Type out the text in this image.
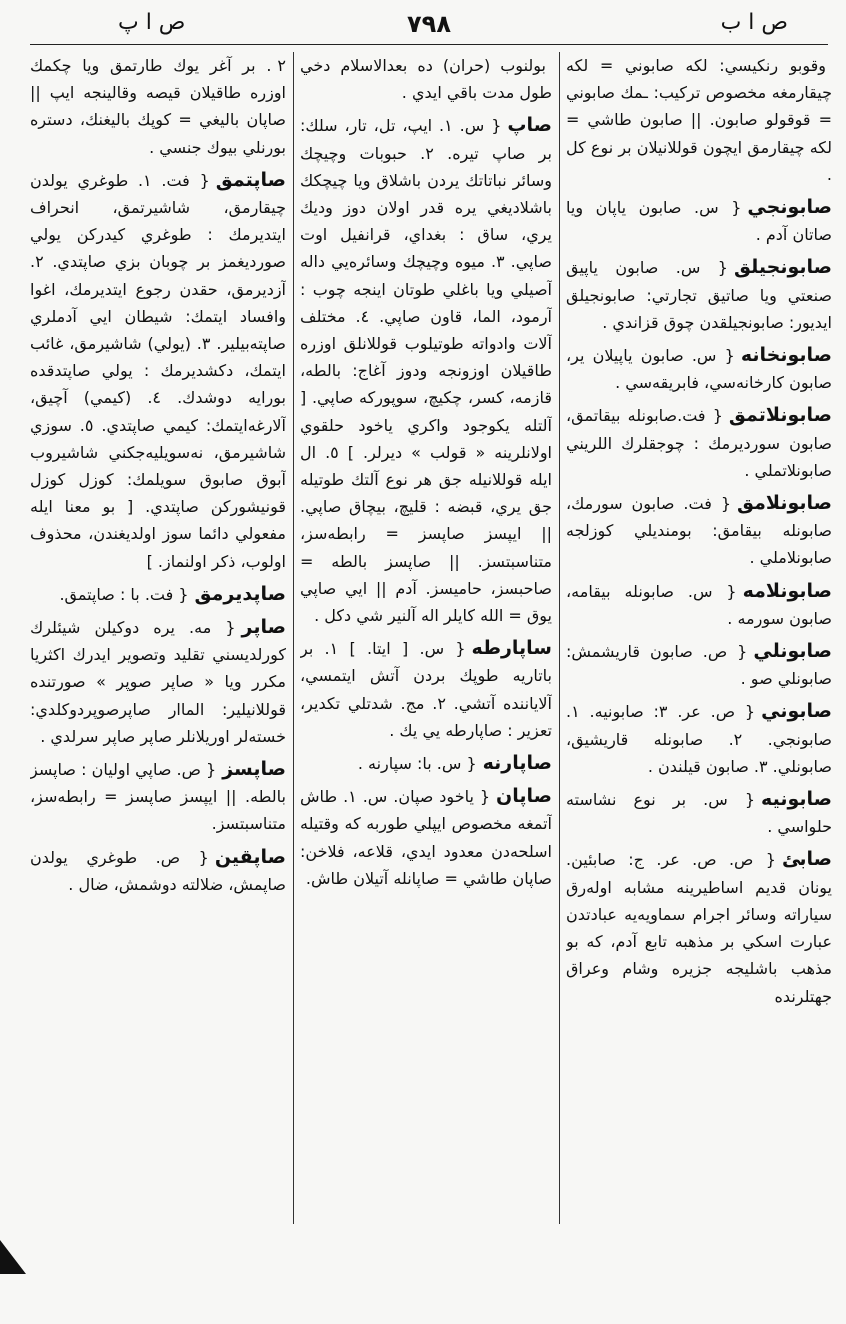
ص ا پ	٧٩٨	ص ا ب

وقوبو رنكيسي: لكه صابوني = لكه چيقارمغه مخصوص تركيب: ـمك صابوني = قوقولو صابون. || صابون طاشي = لكه چيقارمق ايچون قوللانيلان بر نوع كل .

صابونجي{ س. صابون ياپان ويا صاتان آدم .

صابونجيلق{ س. صابون ياپيق صنعتي ويا صاتيق تجارتي: صابونجيلق ايديور: صابونجيلقدن چوق قزاندي .

صابونخانه{ س. صابون ياپيلان ير، صابون كارخانه‌سي، فابريقه‌سي .

صابونلاتمق{ فت.صابونله بيقاتمق، صابون سورديرمك : چوجقلرك اللريني صابونلاتملي .

صابونلامق{ فت. صابون سورمك، صابونله بيقامق: بومنديلي كوزلجه صابونلاملي .

صابونلامه{ س. صابونله بيقامه، صابون سورمه .

صابونلي{ ص. صابون قاريشمش: صابونلي صو .

صابوني{ ص. عر. ٣: صابونيه. ١. صابونجي. ٢. صابونله قاريشيق، صابونلي. ٣. صابون قيلندن .

صابونيه{ س. بر نوع نشاسته حلواسي .

صابئ{ ص. ص. عر. ج: صابئين. يونان قديم اساطيرينه مشابه اولەرق سياراته وسائر اجرام سماويه‌يه عبادتدن عبارت اسكي بر مذهبه تابع آدم، كه بو مذهب باشليجه جزيره وشام وعراق جهتلرنده

بولنوب (حران) ده بعدالاسلام دخي طول مدت باقي ايدي .

صاپ{ س. ١. ايپ، تل، تار، سلك: بر صاپ تيره. ٢. حبوبات وچيچك وسائر نباتاتك يردن باشلاق ويا چيچكك باشلاديغي يره قدر اولان دوز وديك يري، ساق : بغداي، قرانفيل اوت صاپي. ٣. ميوه وچيچك وسائرەيي دالە آصيلي ويا باغلي طوتان اينجه چوب : آرمود، الما، قاون صاپي. ٤. مختلف آلات وادواته طوتيلوب قوللانلق اوزره طاقيلان اوزونجه ودوز آغاج: بالطه، قازمه، كسر، چكيچ، سوپوركه صاپي. [ آلتله يكوجود واكري ياخود حلقوي اولانلرينه « قولب » ديرلر. ] ٥. ال ايله قوللانيله جق هر نوع آلتك طوتيله جق يري، قبضه : قليچ، بيچاق صاپي. || ايپسز صاپسز = رابطه‌سز، متناسبتسز. || صاپسز بالطه = صاحبسز، حامیسز. آدم || ايي صاپي يوق = الله كايلر اله آلنير شي دكل .

ساپارطه{ س. [ ايتا. ] ١. بر باتاريه طوپك بردن آتش ايتمسي، آلاياننده آتشي. ٢. مج. شدتلي تكدير، تعزير : صاپارطه يي يك .

صاپارنه{ س. با: سپارنه .

صاپان{ ياخود صپان. س. ١. طاش آتمغه مخصوص ايپلي طوربه كه وقتيله اسلحه‌دن معدود ايدي، قلاعه، فلاخن: صاپان طاشي = صاپانله آتيلان طاش.

٢. بر آغر يوك طارتمق ويا چكمك اوزره طاقيلان قيصه وقالينجه ايپ || صاپان باليغي = كوپك باليغنك، دستره بورنلي بيوك جنسي .

صاپتمق{ فت. ١. طوغري يولدن چيقارمق، شاشيرتمق، انحراف ايتديرمك : طوغري كيدركن يولي صورديغمز بر چوبان بزي صاپتدي. ٢. آزديرمق، حقدن رجوع ايتديرمك، اغوا وافساد ايتمك: شيطان ايي آدملري صاپتەبيلير. ٣. (يولي) شاشيرمق، غائب ايتمك، دكشديرمك : يولي صاپتدقده بورايه دوشدك. ٤. (كيمي) آچيق، آلارغه‌ايتمك: كيمي صاپتدي. ٥. سوزي شاشيرمق، نه‌سويليه‌جكني شاشيروب آبوق صابوق سويلمك: كوزل كوزل قونيشورکن صاپتدي. [ بو معنا ايله مفعولي دائما سوز اولديغندن، محذوف اولوب، ذكر اولنماز. ]

صاپديرمق{ فت. با : صاپتمق.

صاپر{ مه. يره دوكيلن شيئلرك كورلديسني تقليد وتصوير ايدرك اكثريا مكرر ويا « صاپر صوپر » صورتنده قوللانيلير: الماار صاپرصوپردوكلدي: خستەلر اوريلانلر صاپر صاپر سرلدي .

صاپسز{ ص. صاپي اوليان : صاپسز بالطه. || ايپسز صاپسز = رابطه‌سز، متناسبتسز.

صاپقين{ ص. طوغري يولدن صاپمش، ضلالته دوشمش، ضال .
